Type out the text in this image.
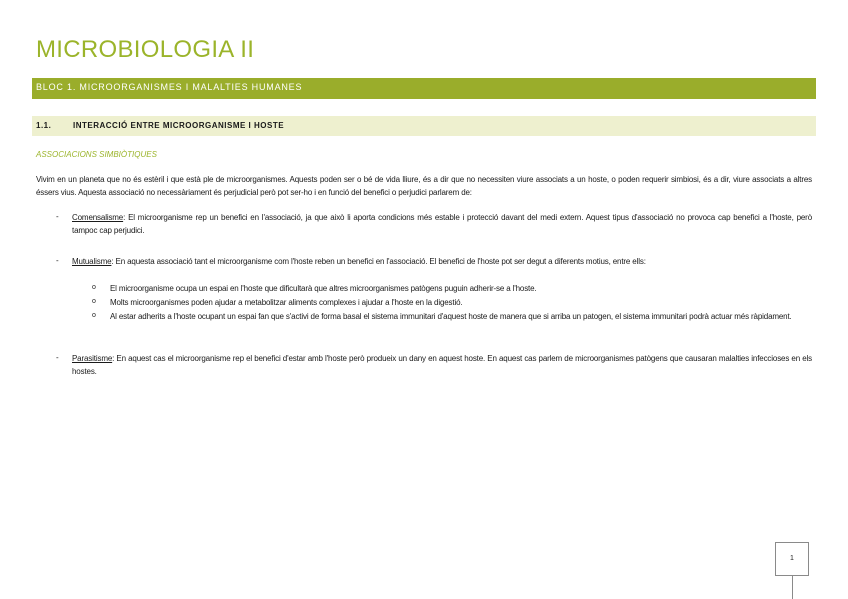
MICROBIOLOGIA II
BLOC 1. MICROORGANISMES I MALALTIES HUMANES
1.1.	INTERACCIÓ ENTRE MICROORGANISME I HOSTE
ASSOCIACIONS SIMBIÒTIQUES
Vivim en un planeta que no és estèril i que està ple de microorganismes. Aquests poden ser o bé de vida lliure, és a dir que no necessiten viure associats a un hoste, o poden requerir simbiosi, és a dir, viure associats a altres éssers vius. Aquesta associació no necessàriament és perjudicial però pot ser-ho i en funció del benefici o perjudici parlarem de:
- Comensalisme: El microorganisme rep un benefici en l'associació, ja que això li aporta condicions més estable i protecció davant del medi extern. Aquest tipus d'associació no provoca cap benefici a l'hoste, però tampoc cap perjudici.
- Mutualisme: En aquesta associació tant el microorganisme com l'hoste reben un benefici en l'associació. El benefici de l'hoste pot ser degut a diferents motius, entre ells:
o El microorganisme ocupa un espai en l'hoste que dificultarà que altres microorganismes patògens puguin adherir-se a l'hoste.
o Molts microorganismes poden ajudar a metabolitzar aliments complexes i ajudar a l'hoste en la digestió.
o Al estar adherits a l'hoste ocupant un espai fan que s'activi de forma basal el sistema immunitari d'aquest hoste de manera que si arriba un patogen, el sistema immunitari podrà actuar més ràpidament.
- Parasitisme: En aquest cas el microorganisme rep el benefici d'estar amb l'hoste però produeix un dany en aquest hoste. En aquest cas parlem de microorganismes patògens que causaran malalties infeccioses en els hostes.
1
